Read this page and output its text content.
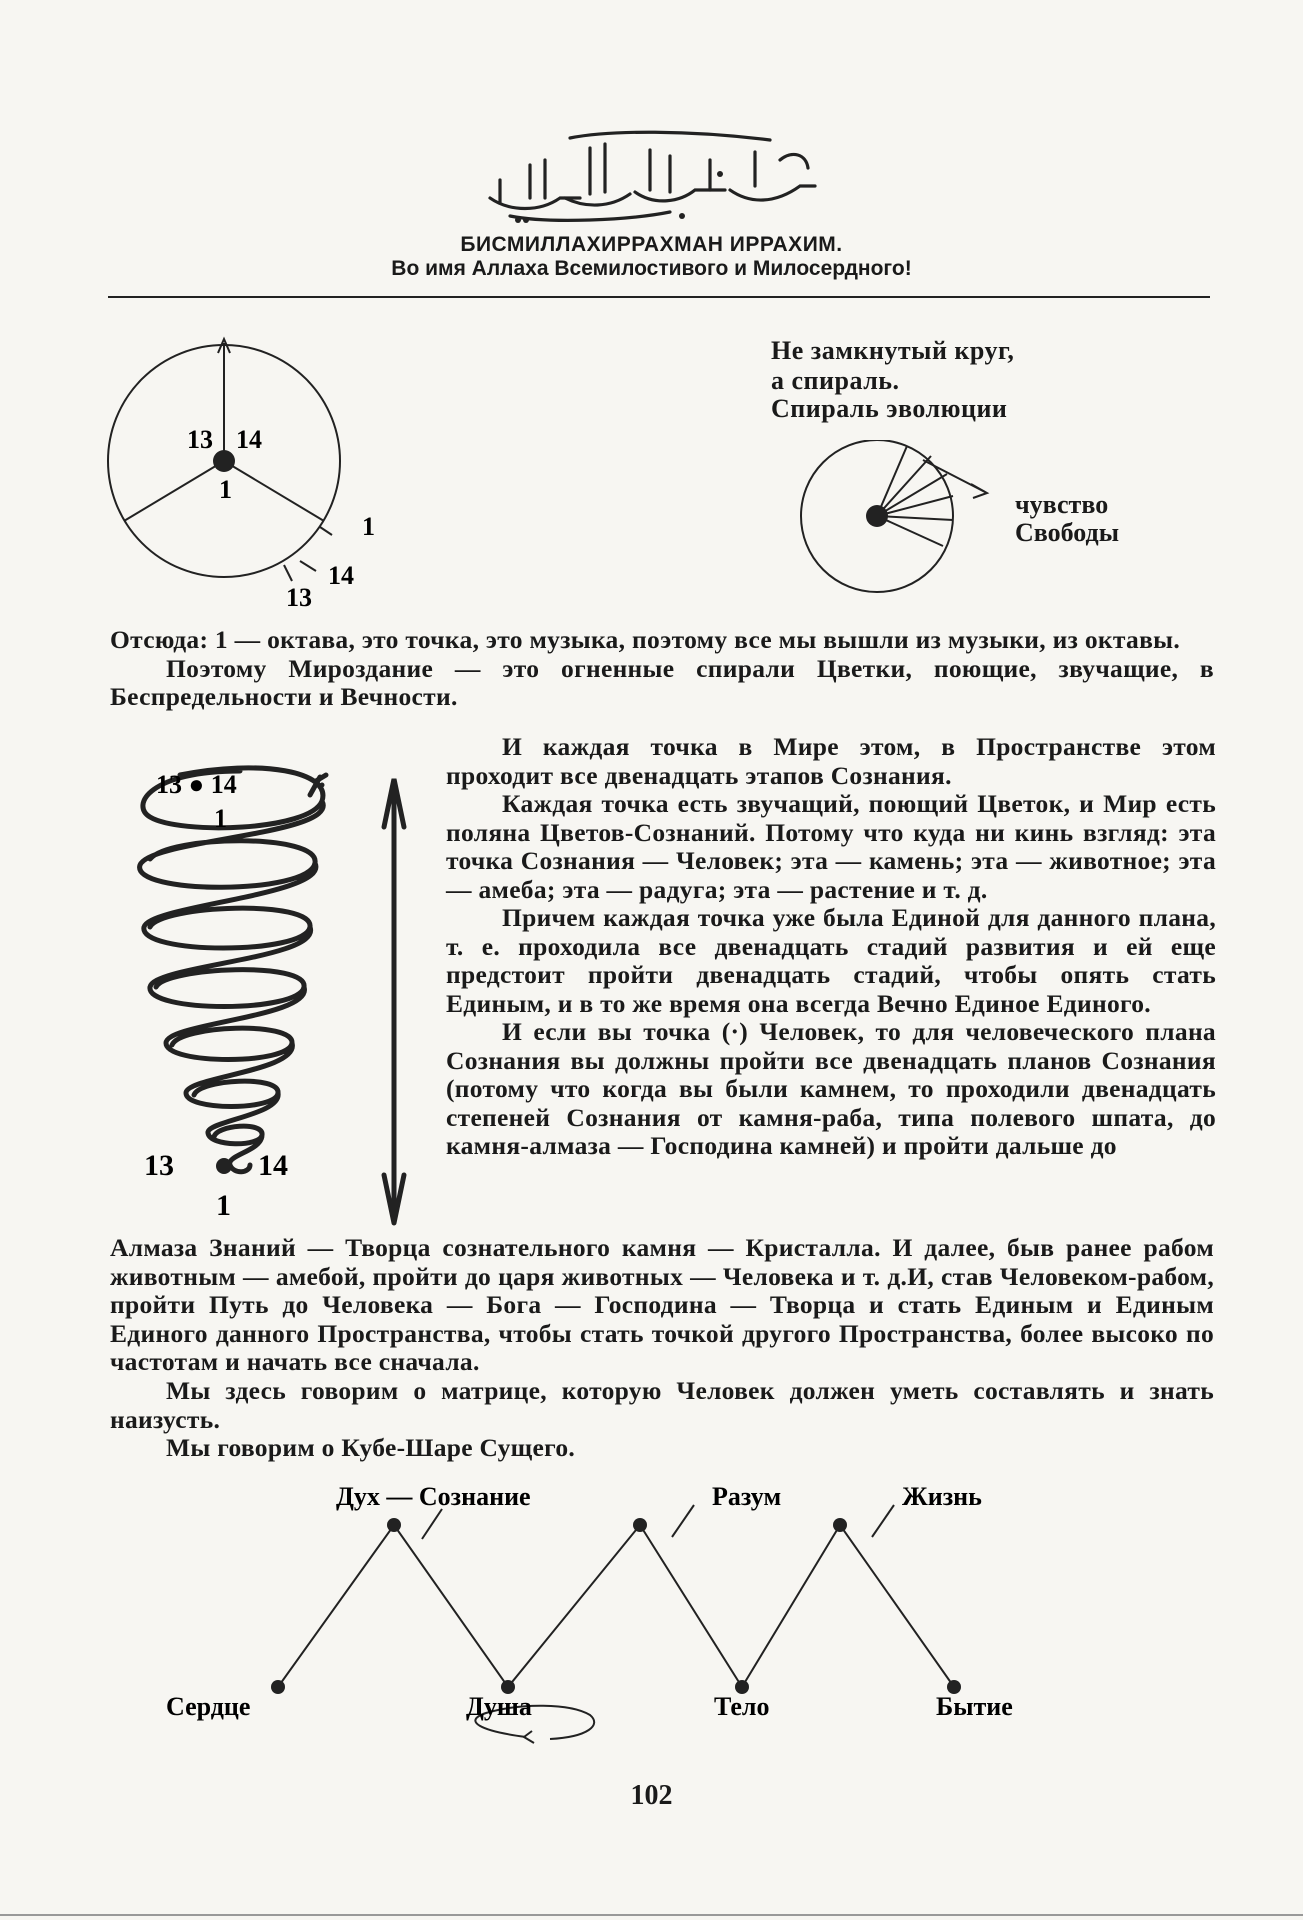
БИСМИЛЛАХИРРАХМАН ИРРАХИМ.
Во имя Аллаха Всемилостивого и Милосердного!
13 14
1
1
14
13
Не замкнутый круг,
а спираль.
Спираль эволюции
чувство
Свободы

Отсюда: 1 — октава, это точка, это музыка, поэтому все мы вышли из музыки, из октавы.

Поэтому Мироздание — это огненные спирали Цветки, поющие, звучащие, в Беспредельности и Вечности.

13 ● 14
1
13	14
1

И каждая точка в Мире этом, в Пространстве этом проходит все двенадцать этапов Сознания.

Каждая точка есть звучащий, поющий Цветок, и Мир есть поляна Цветов-Сознаний. Потому что куда ни кинь взгляд: эта точка Сознания — Человек; эта — камень; эта — животное; эта — амеба; эта — радуга; эта — растение и т. д.

Причем каждая точка уже была Единой для данного плана, т. е. проходила все двенадцать стадий развития и ей еще предстоит пройти двенадцать стадий, чтобы опять стать Единым, и в то же время она всегда Вечно Единое Единого.

И если вы точка (·) Человек, то для человеческого плана Сознания вы должны пройти все двенадцать планов Сознания (потому что когда вы были камнем, то проходили двенадцать степеней Сознания от камня-раба, типа полевого шпата, до камня-алмаза — Господина камней) и пройти дальше до

Алмаза Знаний — Творца сознательного камня — Кристалла. И далее, быв ранее рабом животным — амебой, пройти до царя животных — Человека и т. д.И, став Человеком-рабом, пройти Путь до Человека — Бога — Господина — Творца и стать Единым и Единым Единого данного Пространства, чтобы стать точкой другого Пространства, более высоко по частотам и начать все сначала.

Мы здесь говорим о матрице, которую Человек должен уметь составлять и знать наизусть.

Мы говорим о Кубе-Шаре Сущего.

Дух — Сознание	Разум	Жизнь
Сердце	Душа	Тело	Бытие
102
